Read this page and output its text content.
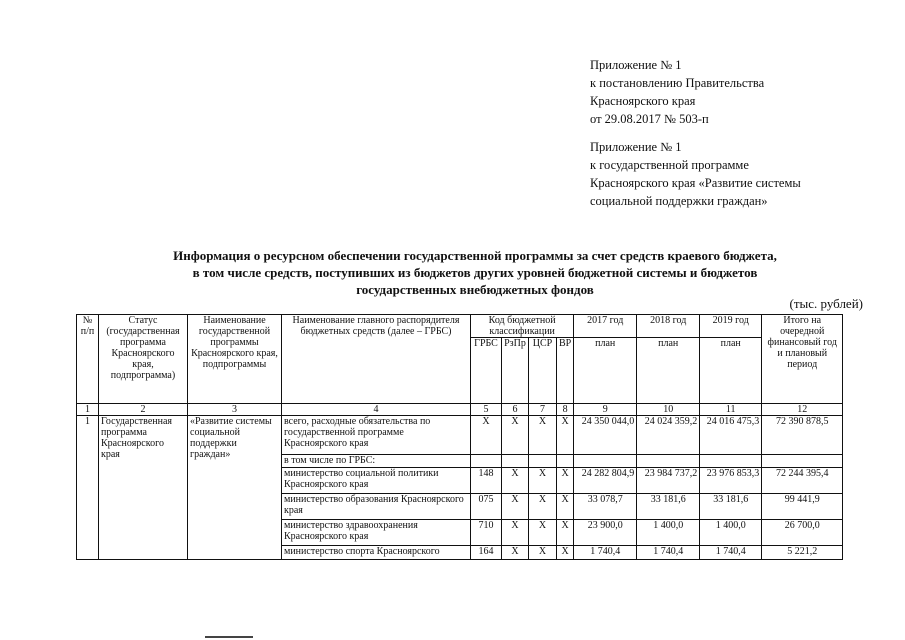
Приложение № 1
к постановлению Правительства
Красноярского края
от 29.08.2017 № 503-п
Приложение № 1
к государственной программе
Красноярского края «Развитие системы
социальной поддержки граждан»
Информация о ресурсном обеспечении государственной программы за счет средств краевого бюджета,
в том числе средств, поступивших из бюджетов других уровней бюджетной системы и бюджетов
государственных внебюджетных фондов
(тыс. рублей)
№ п/п	Статус (государственная программа Красноярского края, подпрограмма)	Наименование государственной программы Красноярского края, подпрограммы	Наименование главного распорядителя бюджетных средств (далее – ГРБС)	Код бюджетной классификации				2017 год	2018 год	2019 год	Итого на очередной финансовый год и плановый период
				ГРБС	РзПр	ЦСР	ВР	план	план	план	
1	2	3	4	5	6	7	8	9	10	11	12
1	Государственная программа Красноярского края	«Развитие системы социальной поддержки граждан»	всего, расходные обязательства по государственной программе Красноярского края	Х	Х	Х	Х	24 350 044,0	24 024 359,2	24 016 475,3	72 390 878,5
			в том числе по ГРБС:								
			министерство социальной политики Красноярского края	148	Х	Х	Х	24 282 804,9	23 984 737,2	23 976 853,3	72 244 395,4
			министерство образования Красноярского края	075	Х	Х	Х	33 078,7	33 181,6	33 181,6	99 441,9
			министерство здравоохранения Красноярского края	710	Х	Х	Х	23 900,0	1 400,0	1 400,0	26 700,0
			министерство спорта Красноярского	164	Х	Х	Х	1 740,4	1 740,4	1 740,4	5 221,2
